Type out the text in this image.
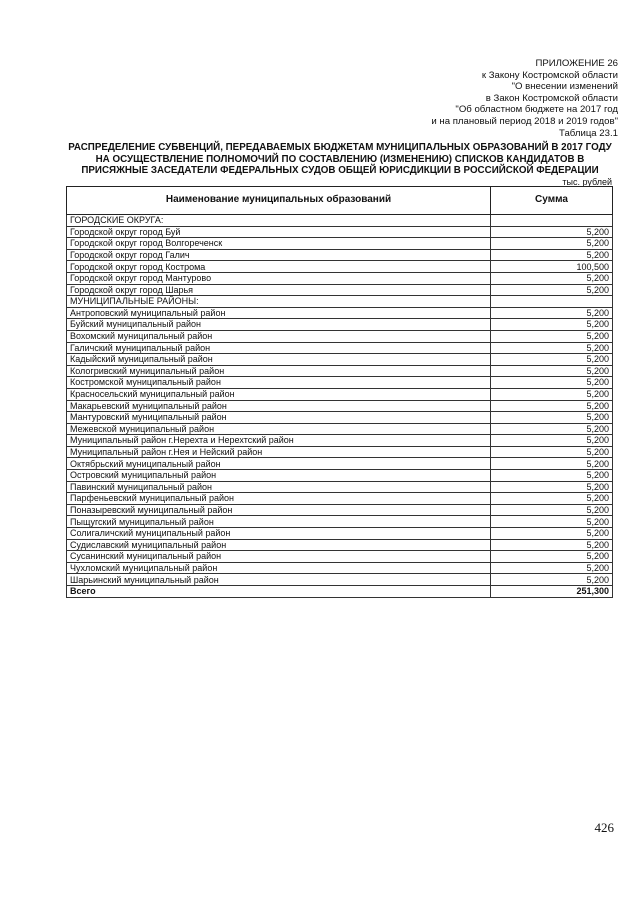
ПРИЛОЖЕНИЕ 26
к Закону Костромской области
"О внесении изменений
в Закон Костромской области
"Об областном бюджете на 2017 год
и на плановый период 2018 и 2019 годов"
Таблица 23.1
РАСПРЕДЕЛЕНИЕ СУБВЕНЦИЙ, ПЕРЕДАВАЕМЫХ БЮДЖЕТАМ МУНИЦИПАЛЬНЫХ ОБРАЗОВАНИЙ В 2017 ГОДУ
НА ОСУЩЕСТВЛЕНИЕ ПОЛНОМОЧИЙ ПО СОСТАВЛЕНИЮ (ИЗМЕНЕНИЮ) СПИСКОВ КАНДИДАТОВ В
ПРИСЯЖНЫЕ ЗАСЕДАТЕЛИ ФЕДЕРАЛЬНЫХ СУДОВ ОБЩЕЙ ЮРИСДИКЦИИ В РОССИЙСКОЙ ФЕДЕРАЦИИ
тыс. рублей
Наименование муниципальных образований	Сумма
ГОРОДСКИЕ ОКРУГА:	
Городской округ город Буй	5,200
Городской округ город Волгореченск	5,200
Городской округ город Галич	5,200
Городской округ город Кострома	100,500
Городской округ город Мантурово	5,200
Городской округ город Шарья	5,200
МУНИЦИПАЛЬНЫЕ РАЙОНЫ:	
Антроповский муниципальный район	5,200
Буйский муниципальный район	5,200
Вохомский муниципальный район	5,200
Галичский муниципальный район	5,200
Кадыйский муниципальный район	5,200
Кологривский муниципальный район	5,200
Костромской муниципальный район	5,200
Красносельский муниципальный район	5,200
Макарьевский муниципальный район	5,200
Мантуровский муниципальный район	5,200
Межевской муниципальный район	5,200
Муниципальный район г.Нерехта и Нерехтский район	5,200
Муниципальный район г.Нея и Нейский район	5,200
Октябрьский муниципальный район	5,200
Островский муниципальный район	5,200
Павинский муниципальный район	5,200
Парфеньевский муниципальный район	5,200
Поназыревский муниципальный район	5,200
Пыщугский муниципальный район	5,200
Солигаличский муниципальный район	5,200
Судиславский муниципальный район	5,200
Сусанинский муниципальный район	5,200
Чухломский муниципальный район	5,200
Шарьинский муниципальный район	5,200
Всего	251,300
426
